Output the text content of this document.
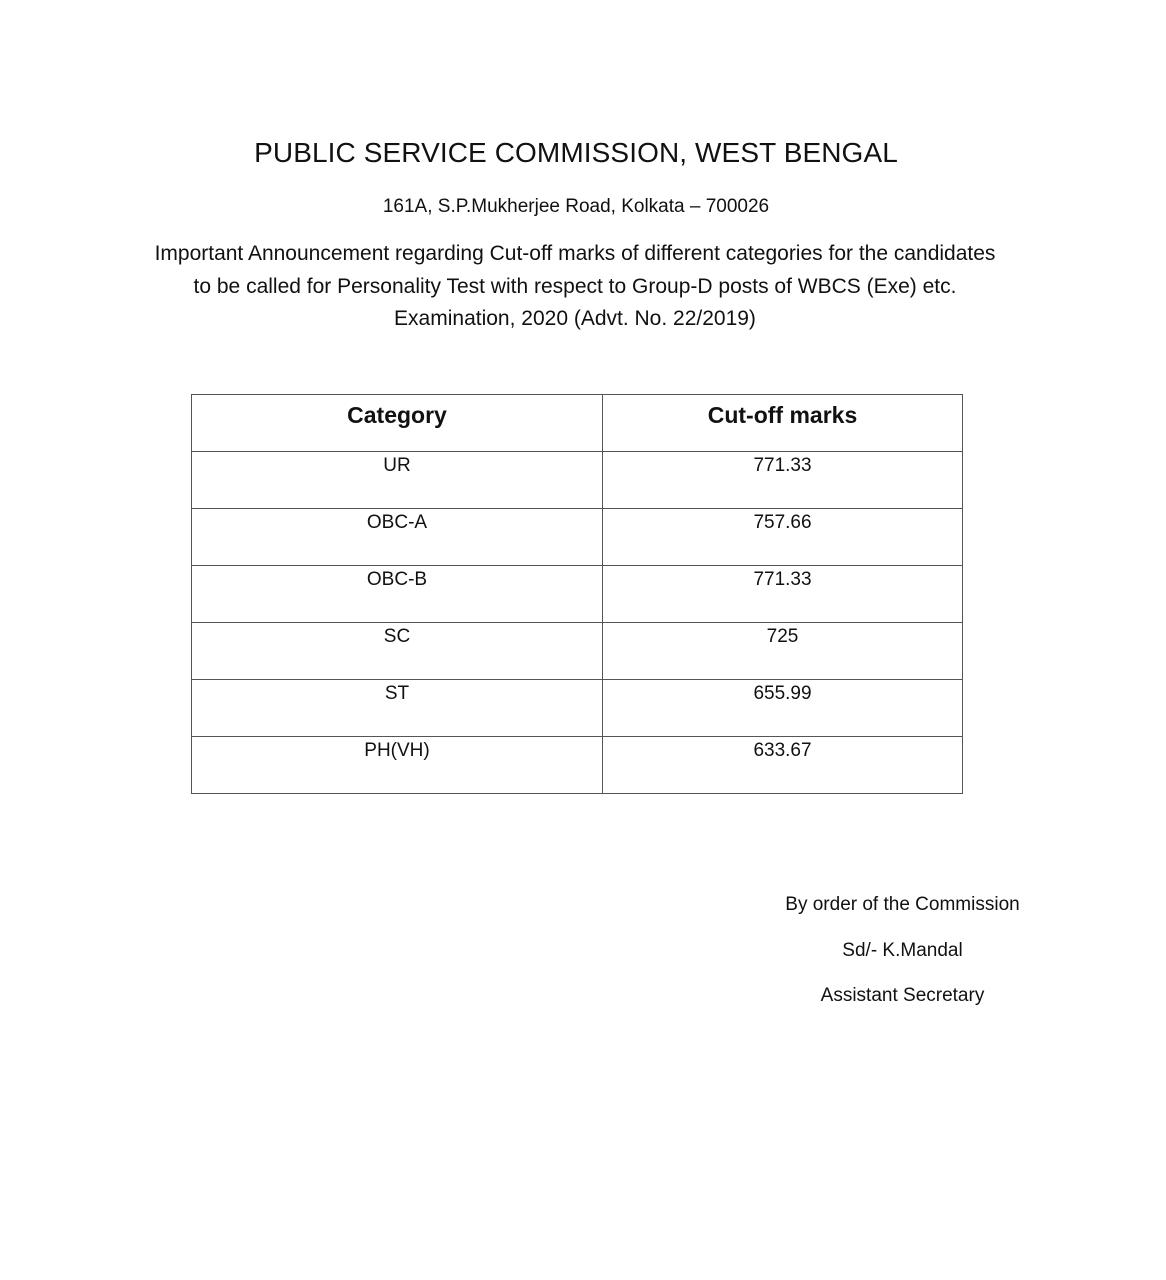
PUBLIC SERVICE COMMISSION, WEST BENGAL
161A, S.P.Mukherjee Road, Kolkata – 700026
Important Announcement regarding Cut-off marks of different categories for the candidates
to be called for Personality Test with respect to Group-D posts of WBCS (Exe) etc.
Examination, 2020 (Advt. No. 22/2019)
Category	Cut-off marks
UR	771.33
OBC-A	757.66
OBC-B	771.33
SC	725
ST	655.99
PH(VH)	633.67
By order of the Commission
Sd/- K.Mandal
Assistant Secretary
